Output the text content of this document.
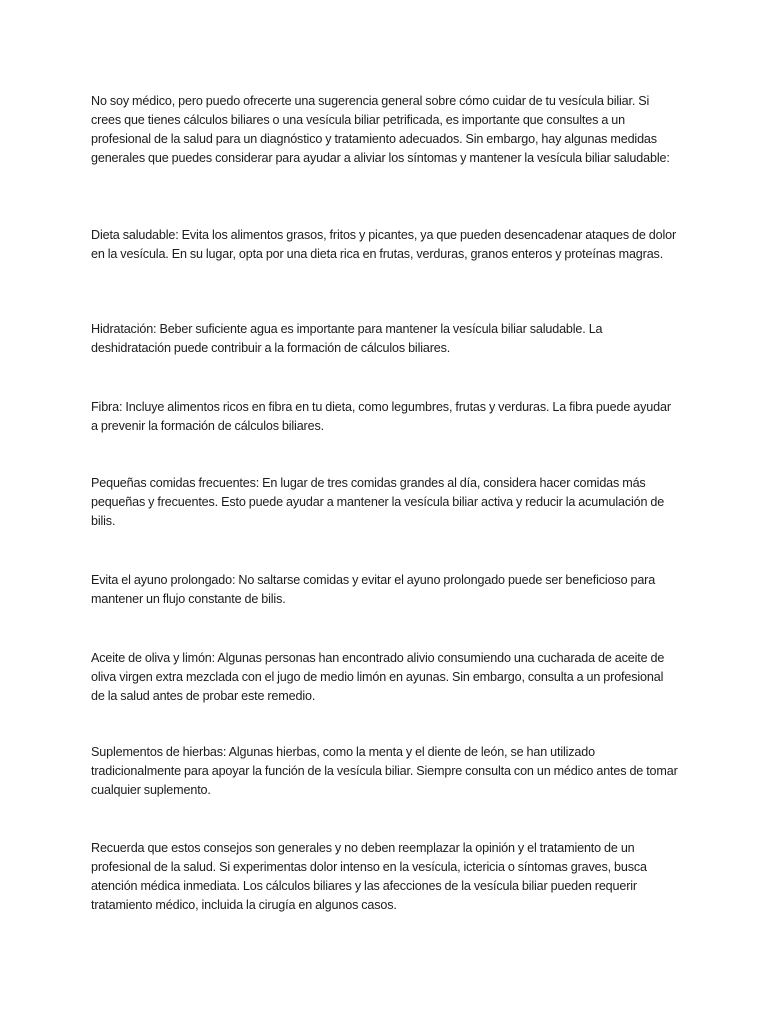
No soy médico, pero puedo ofrecerte una sugerencia general sobre cómo cuidar de tu vesícula biliar. Si crees que tienes cálculos biliares o una vesícula biliar petrificada, es importante que consultes a un profesional de la salud para un diagnóstico y tratamiento adecuados. Sin embargo, hay algunas medidas generales que puedes considerar para ayudar a aliviar los síntomas y mantener la vesícula biliar saludable:

Dieta saludable: Evita los alimentos grasos, fritos y picantes, ya que pueden desencadenar ataques de dolor en la vesícula. En su lugar, opta por una dieta rica en frutas, verduras, granos enteros y proteínas magras.

Hidratación: Beber suficiente agua es importante para mantener la vesícula biliar saludable. La deshidratación puede contribuir a la formación de cálculos biliares.

Fibra: Incluye alimentos ricos en fibra en tu dieta, como legumbres, frutas y verduras. La fibra puede ayudar a prevenir la formación de cálculos biliares.

Pequeñas comidas frecuentes: En lugar de tres comidas grandes al día, considera hacer comidas más pequeñas y frecuentes. Esto puede ayudar a mantener la vesícula biliar activa y reducir la acumulación de bilis.

Evita el ayuno prolongado: No saltarse comidas y evitar el ayuno prolongado puede ser beneficioso para mantener un flujo constante de bilis.

Aceite de oliva y limón: Algunas personas han encontrado alivio consumiendo una cucharada de aceite de oliva virgen extra mezclada con el jugo de medio limón en ayunas. Sin embargo, consulta a un profesional de la salud antes de probar este remedio.

Suplementos de hierbas: Algunas hierbas, como la menta y el diente de león, se han utilizado tradicionalmente para apoyar la función de la vesícula biliar. Siempre consulta con un médico antes de tomar cualquier suplemento.

Recuerda que estos consejos son generales y no deben reemplazar la opinión y el tratamiento de un profesional de la salud. Si experimentas dolor intenso en la vesícula, ictericia o síntomas graves, busca atención médica inmediata. Los cálculos biliares y las afecciones de la vesícula biliar pueden requerir tratamiento médico, incluida la cirugía en algunos casos.
